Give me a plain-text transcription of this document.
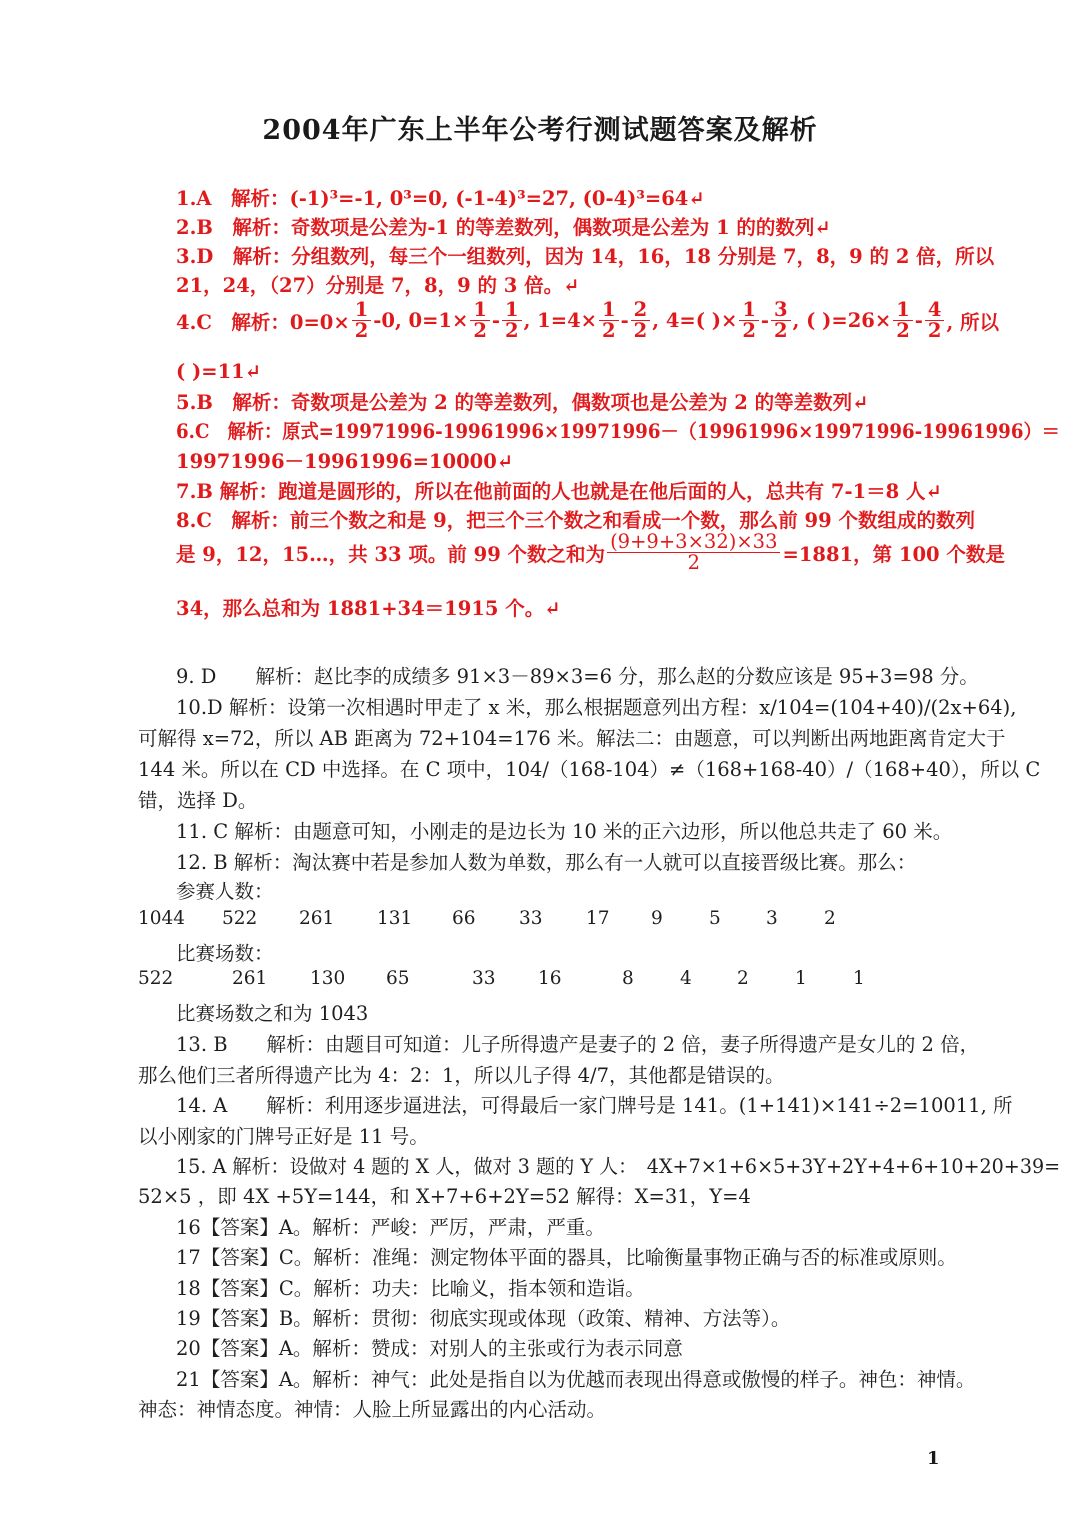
2004年广东上半年公考行测试题答案及解析
1.A　解析：(-1)³=-1, 0³=0, (-1-4)³=27, (0-4)³=64↵
2.B　解析：奇数项是公差为-1 的等差数列，偶数项是公差为 1 的的数列↵
3.D　解析：分组数列，每三个一组数列，因为 14，16，18 分别是 7，8，9 的 2 倍，所以
21，24，（27）分别是 7，8，9 的 3 倍。↵
4.C　解析：$0=0\times \frac{1}{2} -0$, $0=1\times \frac{1}{2} - \frac{1}{2}$ , $1=4\times \frac{1}{2} - \frac{2}{2}$ , 4=( )× $\frac{1}{2} - \frac{3}{2}$ , ( )$=26\times \frac{1}{2} - \frac{4}{2}$ , 所以
( )=11↵
5.B　解析：奇数项是公差为 2 的等差数列，偶数项也是公差为 2 的等差数列↵
6.C　解析：原式=19971996-19961996×19971996－（19961996×19971996-19961996）＝
19971996－19961996=10000↵
7.B 解析：跑道是圆形的，所以在他前面的人也就是在他后面的人，总共有 7-1＝8 人↵
8.C　解析：前三个数之和是 9，把三个三个数之和看成一个数，那么前 99 个数组成的数列
是 9，12，15…，共 33 项。前 99 个数之和为 $\frac{(9+9+3\times 32)\times 33}{2} =1881$，第 100 个数是
34，那么总和为 1881+34＝1915 个。↵
9. D　　解析：赵比李的成绩多 91×3－89×3=6 分，那么赵的分数应该是 95+3=98 分。
10.D 解析：设第一次相遇时甲走了 x 米，那么根据题意列出方程：x/104=(104+40)/(2x+64),
可解得 x=72，所以 AB 距离为 72+104=176 米。解法二：由题意，可以判断出两地距离肯定大于
144 米。所以在 CD 中选择。在 C 项中，104/（168-104）≠（168+168-40）/（168+40），所以 C
错，选择 D。
11. C 解析：由题意可知，小刚走的是边长为 10 米的正六边形，所以他总共走了 60 米。
12. B 解析：淘汰赛中若是参加人数为单数，那么有一人就可以直接晋级比赛。那么：
参赛人数：
1044 522 261 131 66 33 17 9 5 3 2
比赛场数：
522	261 130 65	33 16	8 4 2 1 1
比赛场数之和为 1043
13. B　　解析：由题目可知道：儿子所得遗产是妻子的 2 倍，妻子所得遗产是女儿的 2 倍，
那么他们三者所得遗产比为 4：2：1，所以儿子得 4/7，其他都是错误的。
14. A　　解析：利用逐步逼进法，可得最后一家门牌号是 141。(1+141)×141÷2=10011, 所
以小刚家的门牌号正好是 11 号。
15. A 解析：设做对 4 题的 X 人，做对 3 题的 Y 人：　4X+7×1+6×5+3Y+2Y+4+6+10+20+39=
52×5 ，即 4X +5Y=144，和 X+7+6+2Y=52 解得：X=31，Y=4
16【答案】A。解析：严峻：严厉，严肃，严重。
17【答案】C。解析：准绳：测定物体平面的器具，比喻衡量事物正确与否的标准或原则。
18【答案】C。解析：功夫：比喻义，指本领和造诣。
19【答案】B。解析：贯彻：彻底实现或体现（政策、精神、方法等）。
20【答案】A。解析：赞成：对别人的主张或行为表示同意
21【答案】A。解析：神气：此处是指自以为优越而表现出得意或傲慢的样子。神色：神情。
神态：神情态度。神情：人脸上所显露出的内心活动。
1
